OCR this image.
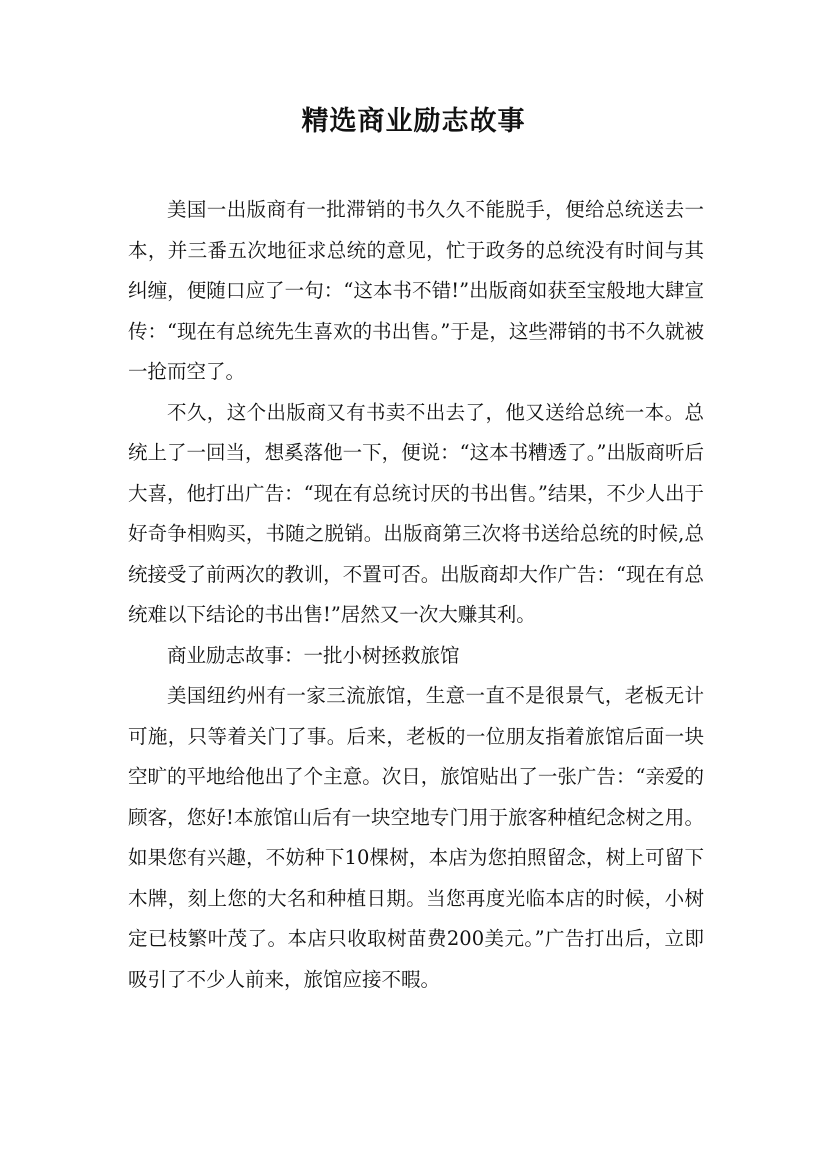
精选商业励志故事

美国一出版商有一批滞销的书久久不能脱手，便给总统送去一本，并三番五次地征求总统的意见，忙于政务的总统没有时间与其纠缠，便随口应了一句：“这本书不错!”出版商如获至宝般地大肆宣传：“现在有总统先生喜欢的书出售。”于是，这些滞销的书不久就被一抢而空了。

不久，这个出版商又有书卖不出去了，他又送给总统一本。总统上了一回当，想奚落他一下，便说：“这本书糟透了。”出版商听后大喜，他打出广告：“现在有总统讨厌的书出售。”结果，不少人出于好奇争相购买，书随之脱销。出版商第三次将书送给总统的时候,总统接受了前两次的教训，不置可否。出版商却大作广告：“现在有总统难以下结论的书出售!”居然又一次大赚其利。

商业励志故事：一批小树拯救旅馆

美国纽约州有一家三流旅馆，生意一直不是很景气，老板无计可施，只等着关门了事。后来，老板的一位朋友指着旅馆后面一块空旷的平地给他出了个主意。次日，旅馆贴出了一张广告：“亲爱的顾客，您好!本旅馆山后有一块空地专门用于旅客种植纪念树之用。如果您有兴趣，不妨种下10棵树，本店为您拍照留念，树上可留下木牌，刻上您的大名和种植日期。当您再度光临本店的时候，小树定已枝繁叶茂了。本店只收取树苗费200美元。”广告打出后，立即吸引了不少人前来，旅馆应接不暇。
